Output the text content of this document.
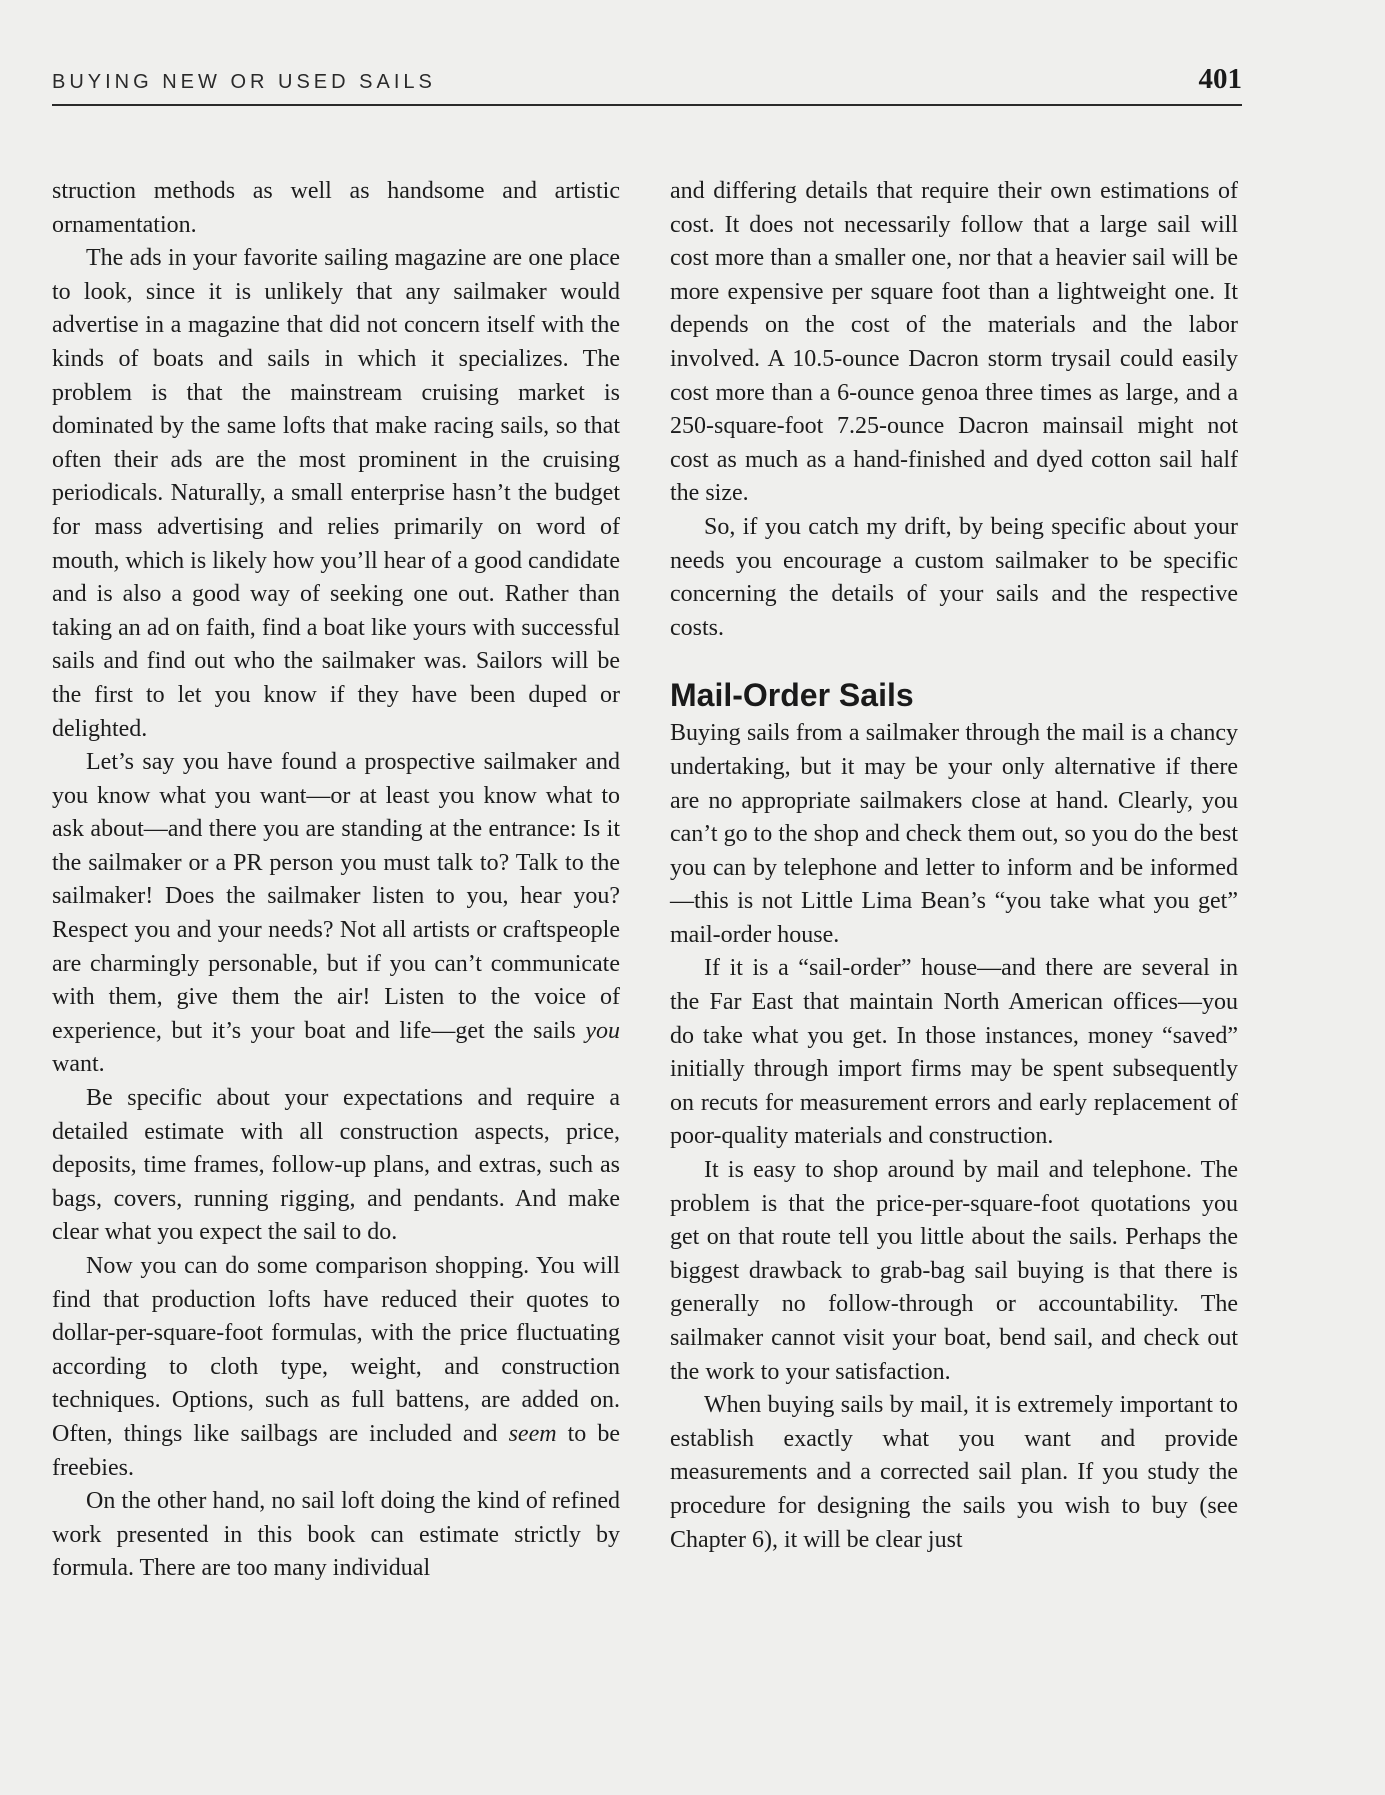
BUYING NEW OR USED SAILS	401

struction methods as well as handsome and artistic ornamentation.

The ads in your favorite sailing magazine are one place to look, since it is unlikely that any sailmaker would advertise in a magazine that did not concern itself with the kinds of boats and sails in which it specializes. The problem is that the mainstream cruising market is dominated by the same lofts that make racing sails, so that often their ads are the most prominent in the cruising periodicals. Naturally, a small enterprise hasn’t the budget for mass advertising and relies primarily on word of mouth, which is likely how you’ll hear of a good candidate and is also a good way of seeking one out. Rather than taking an ad on faith, find a boat like yours with successful sails and find out who the sailmaker was. Sailors will be the first to let you know if they have been duped or delighted.

Let’s say you have found a prospective sailmaker and you know what you want—or at least you know what to ask about—and there you are standing at the entrance: Is it the sailmaker or a PR person you must talk to? Talk to the sailmaker! Does the sailmaker listen to you, hear you? Respect you and your needs? Not all artists or craftspeople are charmingly personable, but if you can’t communicate with them, give them the air! Listen to the voice of experience, but it’s your boat and life—get the sails you want.

Be specific about your expectations and require a detailed estimate with all construction aspects, price, deposits, time frames, follow-up plans, and extras, such as bags, covers, running rigging, and pendants. And make clear what you expect the sail to do.

Now you can do some comparison shopping. You will find that production lofts have reduced their quotes to dollar-per-square-foot formulas, with the price fluctuating according to cloth type, weight, and construction techniques. Options, such as full battens, are added on. Often, things like sailbags are included and seem to be freebies.

On the other hand, no sail loft doing the kind of refined work presented in this book can estimate strictly by formula. There are too many individual

and differing details that require their own estimations of cost. It does not necessarily follow that a large sail will cost more than a smaller one, nor that a heavier sail will be more expensive per square foot than a lightweight one. It depends on the cost of the materials and the labor involved. A 10.5-ounce Dacron storm trysail could easily cost more than a 6-ounce genoa three times as large, and a 250-square-foot 7.25-ounce Dacron mainsail might not cost as much as a hand-finished and dyed cotton sail half the size.

So, if you catch my drift, by being specific about your needs you encourage a custom sailmaker to be specific concerning the details of your sails and the respective costs.

Mail-Order Sails

Buying sails from a sailmaker through the mail is a chancy undertaking, but it may be your only alternative if there are no appropriate sailmakers close at hand. Clearly, you can’t go to the shop and check them out, so you do the best you can by telephone and letter to inform and be informed—this is not Little Lima Bean’s “you take what you get” mail-order house.

If it is a “sail-order” house—and there are several in the Far East that maintain North American offices—you do take what you get. In those instances, money “saved” initially through import firms may be spent subsequently on recuts for measurement errors and early replacement of poor-quality materials and construction.

It is easy to shop around by mail and telephone. The problem is that the price-per-square-foot quotations you get on that route tell you little about the sails. Perhaps the biggest drawback to grab-bag sail buying is that there is generally no follow-through or accountability. The sailmaker cannot visit your boat, bend sail, and check out the work to your satisfaction.

When buying sails by mail, it is extremely important to establish exactly what you want and provide measurements and a corrected sail plan. If you study the procedure for designing the sails you wish to buy (see Chapter 6), it will be clear just
